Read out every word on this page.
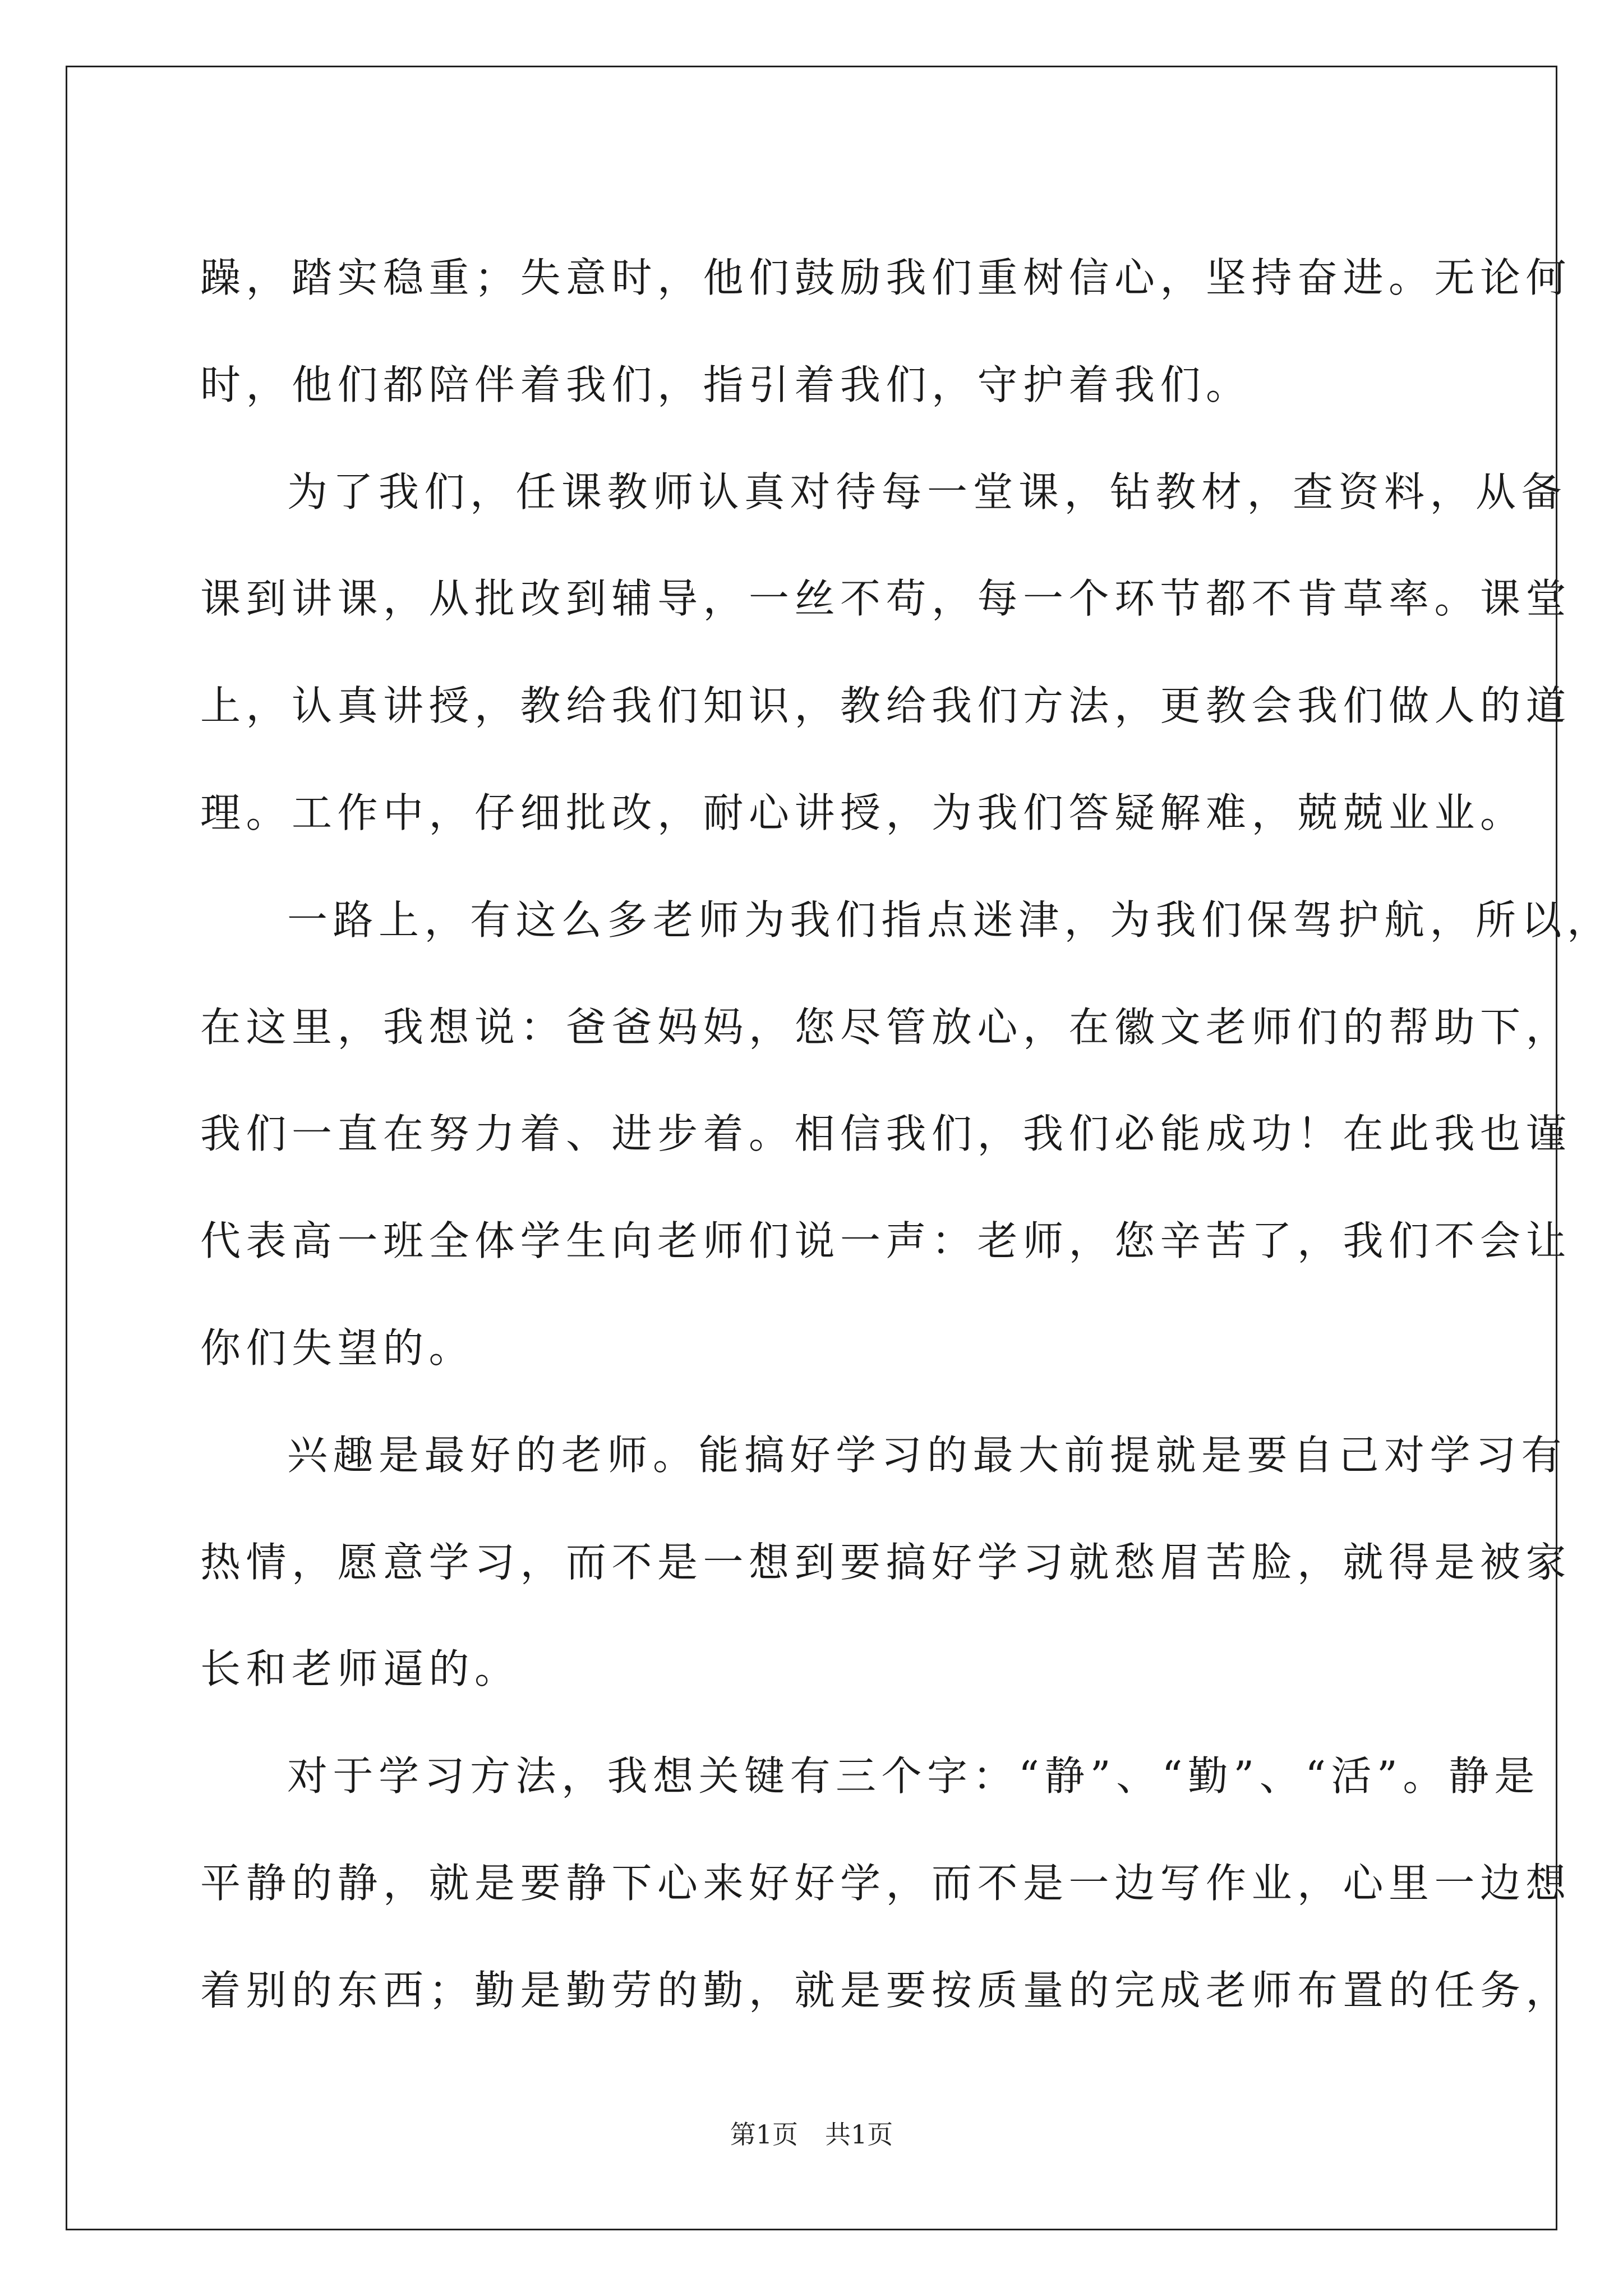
躁，踏实稳重；失意时，他们鼓励我们重树信心，坚持奋进。无论何
时，他们都陪伴着我们，指引着我们，守护着我们。
为了我们，任课教师认真对待每一堂课，钻教材，查资料，从备
课到讲课，从批改到辅导，一丝不苟，每一个环节都不肯草率。课堂
上，认真讲授，教给我们知识，教给我们方法，更教会我们做人的道
理。工作中，仔细批改，耐心讲授，为我们答疑解难，兢兢业业。
一路上，有这么多老师为我们指点迷津，为我们保驾护航，所以，
在这里，我想说：爸爸妈妈，您尽管放心，在徽文老师们的帮助下，
我们一直在努力着、进步着。相信我们，我们必能成功！在此我也谨
代表高一班全体学生向老师们说一声：老师，您辛苦了，我们不会让
你们失望的。
兴趣是最好的老师。能搞好学习的最大前提就是要自己对学习有
热情，愿意学习，而不是一想到要搞好学习就愁眉苦脸，就得是被家
长和老师逼的。
对于学习方法，我想关键有三个字：“静”、“勤”、“活”。静是
平静的静，就是要静下心来好好学，而不是一边写作业，心里一边想
着别的东西；勤是勤劳的勤，就是要按质量的完成老师布置的任务，

第1页 共1页
